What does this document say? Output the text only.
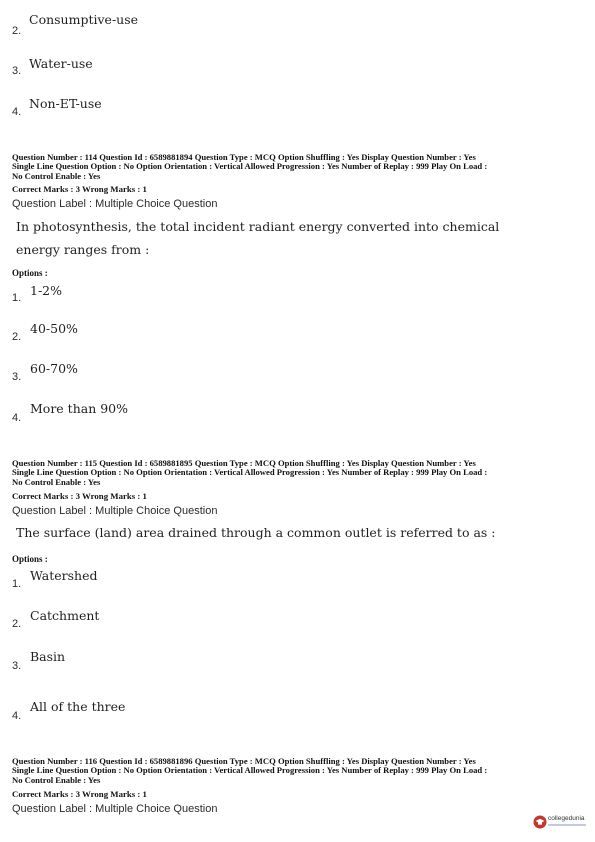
2.
Consumptive-use
3. Water-use
4.
Non-ET-use
Question Number : 114 Question Id : 6589881894 Question Type : MCQ Option Shuffling : Yes Display Question Number : Yes
Single Line Question Option : No Option Orientation : Vertical Allowed Progression : Yes Number of Replay : 999 Play On Load :
No Control Enable : Yes
Correct Marks : 3 Wrong Marks : 1
Question Label : Multiple Choice Question
In photosynthesis, the total incident radiant energy converted into chemical
energy ranges from :
Options :
1. 1-2%
2.
40-50%
3.
60-70%
4.
More than 90%
Question Number : 115 Question Id : 6589881895 Question Type : MCQ Option Shuffling : Yes Display Question Number : Yes
Single Line Question Option : No Option Orientation : Vertical Allowed Progression : Yes Number of Replay : 999 Play On Load :
No Control Enable : Yes
Correct Marks : 3 Wrong Marks : 1
Question Label : Multiple Choice Question
The surface (land) area drained through a common outlet is referred to as :
Options :
1.
Watershed
2.
Catchment
3.
Basin
4.
All of the three
Question Number : 116 Question Id : 6589881896 Question Type : MCQ Option Shuffling : Yes Display Question Number : Yes
Single Line Question Option : No Option Orientation : Vertical Allowed Progression : Yes Number of Replay : 999 Play On Load :
No Control Enable : Yes
Correct Marks : 3 Wrong Marks : 1
Question Label : Multiple Choice Question
collegedunia
